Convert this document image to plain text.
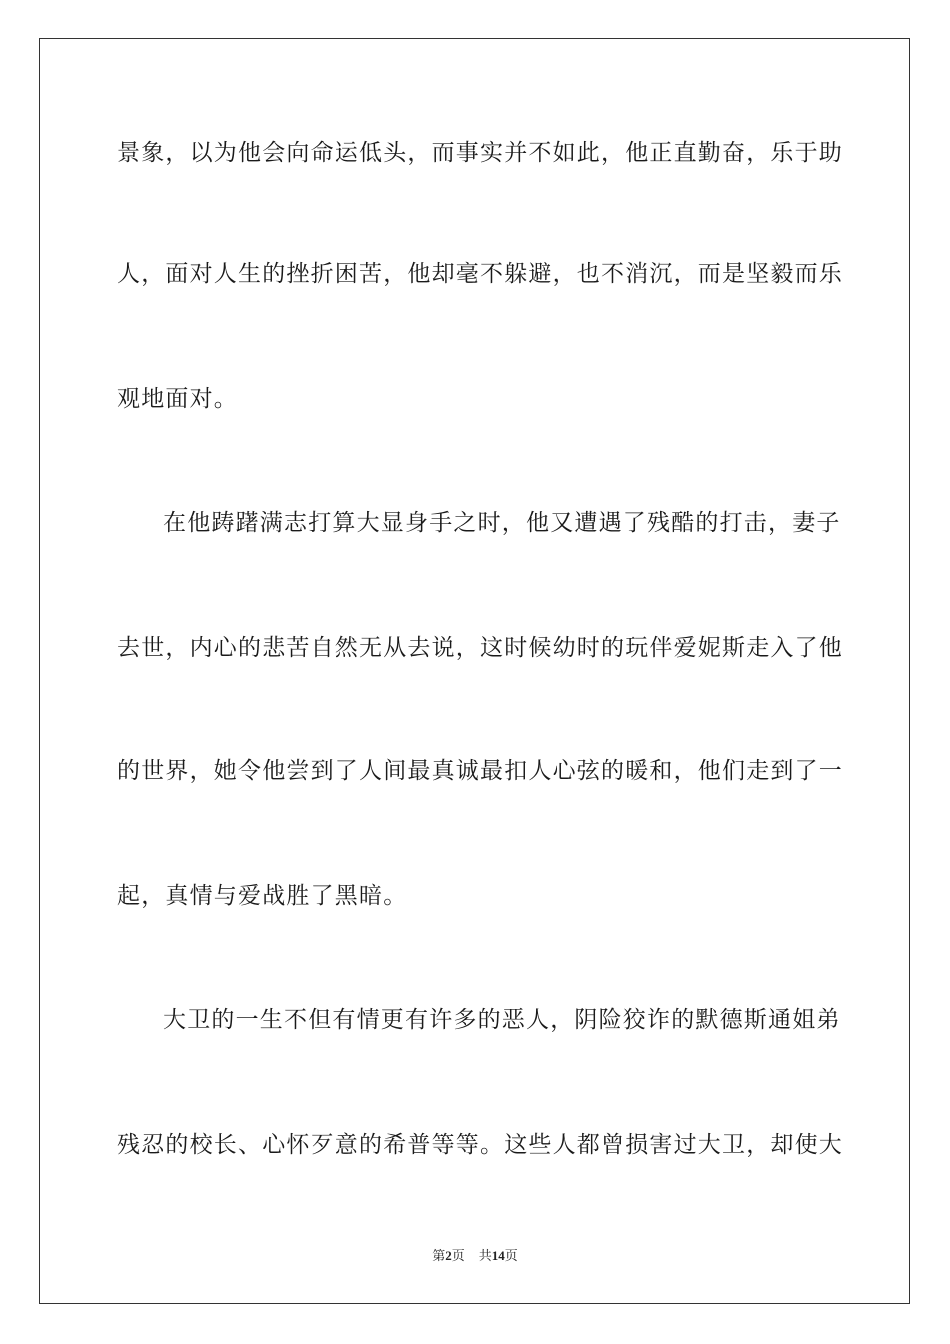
景象，以为他会向命运低头，而事实并不如此，他正直勤奋，乐于助
人，面对人生的挫折困苦，他却毫不躲避，也不消沉，而是坚毅而乐
观地面对。
在他踌躇满志打算大显身手之时，他又遭遇了残酷的打击，妻子
去世，内心的悲苦自然无从去说，这时候幼时的玩伴爱妮斯走入了他
的世界，她令他尝到了人间最真诚最扣人心弦的暖和，他们走到了一
起，真情与爱战胜了黑暗。
大卫的一生不但有情更有许多的恶人，阴险狡诈的默德斯通姐弟
残忍的校长、心怀歹意的希普等等。这些人都曾损害过大卫，却使大
第2页 共14页
